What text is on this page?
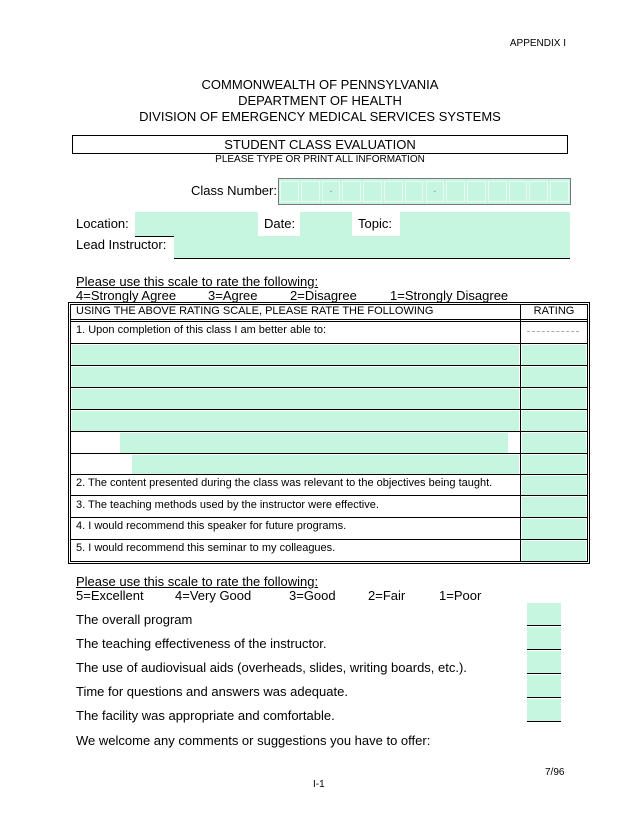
APPENDIX I
COMMONWEALTH OF PENNSYLVANIA
DEPARTMENT OF HEALTH
DIVISION OF EMERGENCY MEDICAL SERVICES SYSTEMS
STUDENT CLASS EVALUATION
PLEASE TYPE OR PRINT ALL INFORMATION
Class Number:	-	-
Location:	Date:	Topic:
Lead Instructor:
Please use this scale to rate the following:
4=Strongly Agree 3=Agree 2=Disagree	1=Strongly Disagree
USING THE ABOVE RATING SCALE, PLEASE RATE THE FOLLOWING	RATING
1. Upon completion of this class I am better able to:
2. The content presented during the class was relevant to the objectives being taught.
3. The teaching methods used by the instructor were effective.
4. I would recommend this speaker for future programs.
5. I would recommend this seminar to my colleagues.
Please use this scale to rate the following:
5=Excellent 4=Very Good	3=Good 2=Fair	1=Poor
The overall program
The teaching effectiveness of the instructor.
The use of audiovisual aids (overheads, slides, writing boards, etc.).
Time for questions and answers was adequate.
The facility was appropriate and comfortable.
We welcome any comments or suggestions you have to offer:
7/96
I-1
